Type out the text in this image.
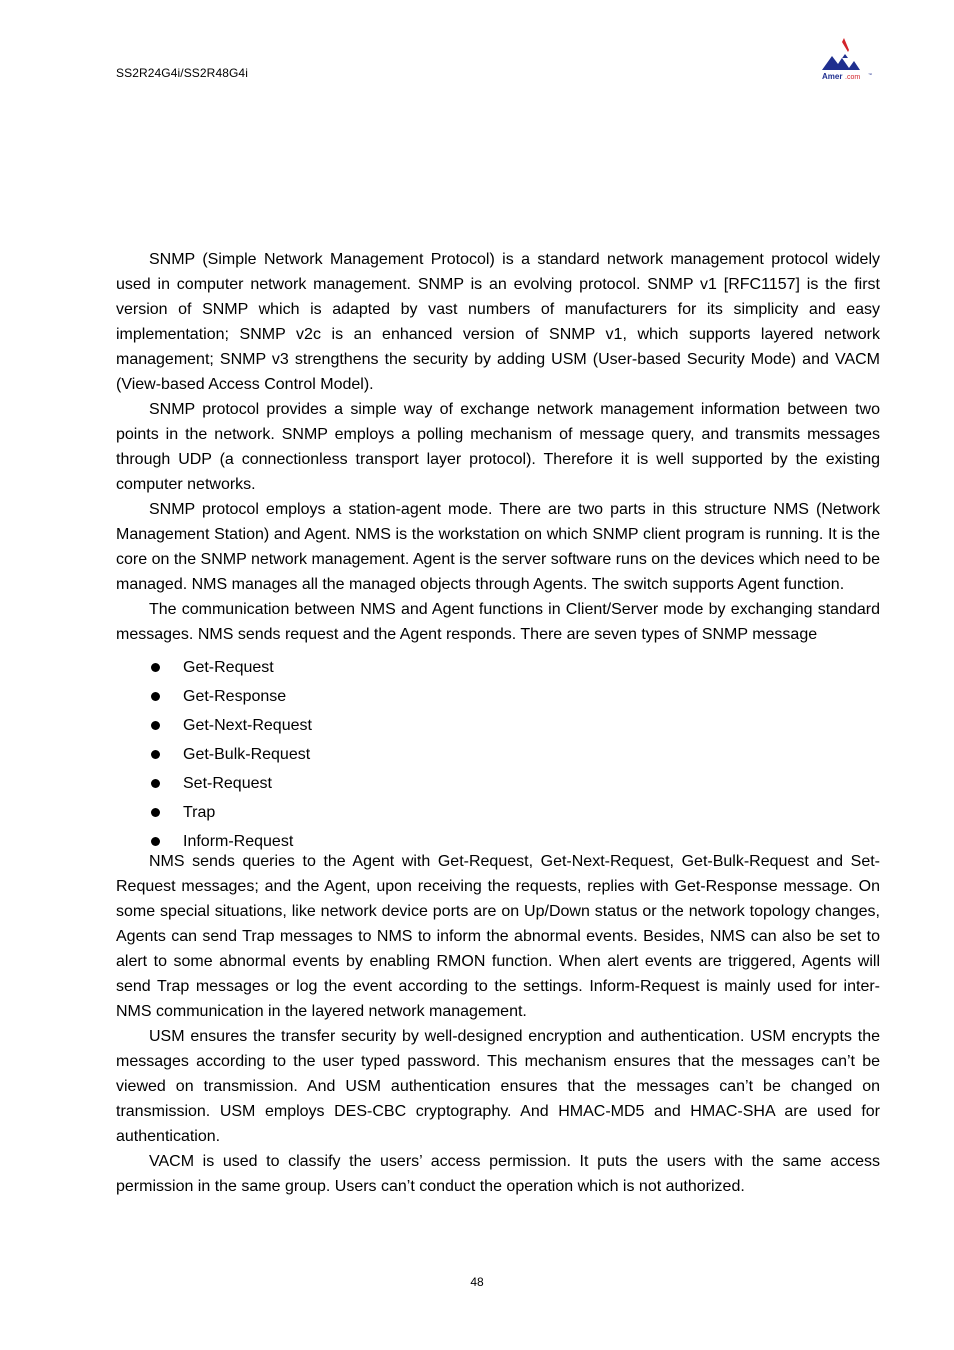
SS2R24G4i/SS2R48G4i	Amer .com ™

SNMP (Simple Network Management Protocol) is a standard network management protocol widely used in computer network management. SNMP is an evolving protocol. SNMP v1 [RFC1157] is the first version of SNMP which is adapted by vast numbers of manufacturers for its simplicity and easy implementation; SNMP v2c is an enhanced version of SNMP v1, which supports layered network management; SNMP v3 strengthens the security by adding USM (User-based Security Mode) and VACM (View-based Access Control Model).

SNMP protocol provides a simple way of exchange network management information between two points in the network. SNMP employs a polling mechanism of message query, and transmits messages through UDP (a connectionless transport layer protocol). Therefore it is well supported by the existing computer networks.

SNMP protocol employs a station-agent mode. There are two parts in this structure NMS (Network Management Station) and Agent. NMS is the workstation on which SNMP client program is running. It is the core on the SNMP network management. Agent is the server software runs on the devices which need to be managed. NMS manages all the managed objects through Agents. The switch supports Agent function.

The communication between NMS and Agent functions in Client/Server mode by exchanging standard messages. NMS sends request and the Agent responds. There are seven types of SNMP message

Get-Request
Get-Response
Get-Next-Request
Get-Bulk-Request
Set-Request
Trap
Inform-Request

NMS sends queries to the Agent with Get-Request, Get-Next-Request, Get-Bulk-Request and Set-Request messages; and the Agent, upon receiving the requests, replies with Get-Response message. On some special situations, like network device ports are on Up/Down status or the network topology changes, Agents can send Trap messages to NMS to inform the abnormal events. Besides, NMS can also be set to alert to some abnormal events by enabling RMON function. When alert events are triggered, Agents will send Trap messages or log the event according to the settings. Inform-Request is mainly used for inter-NMS communication in the layered network management.

USM ensures the transfer security by well-designed encryption and authentication. USM encrypts the messages according to the user typed password. This mechanism ensures that the messages can’t be viewed on transmission. And USM authentication ensures that the messages can’t be changed on transmission. USM employs DES-CBC cryptography. And HMAC-MD5 and HMAC-SHA are used for authentication.

VACM is used to classify the users’ access permission. It puts the users with the same access permission in the same group. Users can’t conduct the operation which is not authorized.

48
